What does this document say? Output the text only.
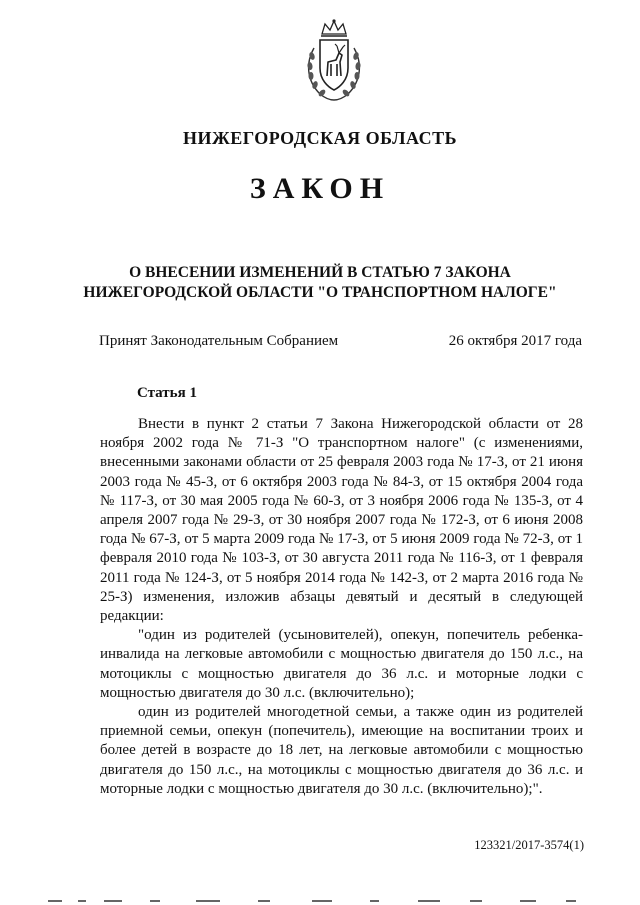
НИЖЕГОРОДСКАЯ ОБЛАСТЬ
ЗАКОН
О ВНЕСЕНИИ ИЗМЕНЕНИЙ В СТАТЬЮ 7 ЗАКОНА НИЖЕГОРОДСКОЙ ОБЛАСТИ "О ТРАНСПОРТНОМ НАЛОГЕ"
Принят Законодательным Собранием	26 октября 2017 года
Статья 1

Внести в пункт 2 статьи 7 Закона Нижегородской области от 28 ноября 2002 года № 71-З "О транспортном налоге" (с изменениями, внесенными законами области от 25 февраля 2003 года № 17-З, от 21 июня 2003 года № 45-З, от 6 октября 2003 года № 84-З, от 15 октября 2004 года № 117-З, от 30 мая 2005 года № 60-З, от 3 ноября 2006 года № 135-З, от 4 апреля 2007 года № 29-З, от 30 ноября 2007 года № 172-З, от 6 июня 2008 года № 67-З, от 5 марта 2009 года № 17-З, от 5 июня 2009 года № 72-З, от 1 февраля 2010 года № 103-З, от 30 августа 2011 года № 116-З, от 1 февраля 2011 года № 124-З, от 5 ноября 2014 года № 142-З, от 2 марта 2016 года № 25-З) изменения, изложив абзацы девятый и десятый в следующей редакции:

"один из родителей (усыновителей), опекун, попечитель ребенка-инвалида на легковые автомобили с мощностью двигателя до 150 л.с., на мотоциклы с мощностью двигателя до 36 л.с. и моторные лодки с мощностью двигателя до 30 л.с. (включительно);

один из родителей многодетной семьи, а также один из родителей приемной семьи, опекун (попечитель), имеющие на воспитании троих и более детей в возрасте до 18 лет, на легковые автомобили с мощностью двигателя до 150 л.с., на мотоциклы с мощностью двигателя до 36 л.с. и моторные лодки с мощностью двигателя до 30 л.с. (включительно);".

123321/2017-3574(1)
